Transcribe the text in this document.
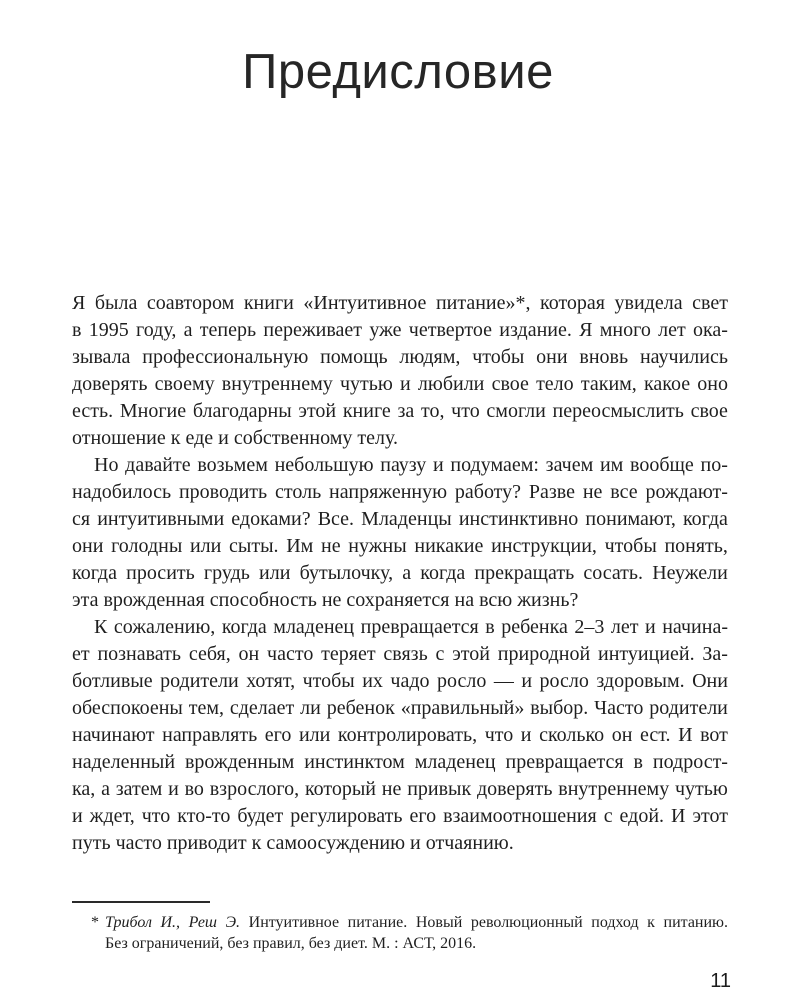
Предисловие
Я была соавтором книги «Интуитивное питание»*, которая увидела свет
в 1995 году, а теперь переживает уже четвертое издание. Я много лет ока-
зывала профессиональную помощь людям, чтобы они вновь научились
доверять своему внутреннему чутью и любили свое тело таким, какое оно
есть. Многие благодарны этой книге за то, что смогли переосмыслить свое
отношение к еде и собственному телу.
Но давайте возьмем небольшую паузу и подумаем: зачем им вообще по-
надобилось проводить столь напряженную работу? Разве не все рождают-
ся интуитивными едоками? Все. Младенцы инстинктивно понимают, когда
они голодны или сыты. Им не нужны никакие инструкции, чтобы понять,
когда просить грудь или бутылочку, а когда прекращать сосать. Неужели
эта врожденная способность не сохраняется на всю жизнь?
К сожалению, когда младенец превращается в ребенка 2–3 лет и начина-
ет познавать себя, он часто теряет связь с этой природной интуицией. За-
ботливые родители хотят, чтобы их чадо росло — и росло здоровым. Они
обеспокоены тем, сделает ли ребенок «правильный» выбор. Часто родители
начинают направлять его или контролировать, что и сколько он ест. И вот
наделенный врожденным инстинктом младенец превращается в подрост-
ка, а затем и во взрослого, который не привык доверять внутреннему чутью
и ждет, что кто-то будет регулировать его взаимоотношения с едой. И этот
путь часто приводит к самоосуждению и отчаянию.
* Трибол И., Реш Э. Интуитивное питание. Новый революционный подход к питанию.
Без ограничений, без правил, без диет. М. : АСТ, 2016.
11
